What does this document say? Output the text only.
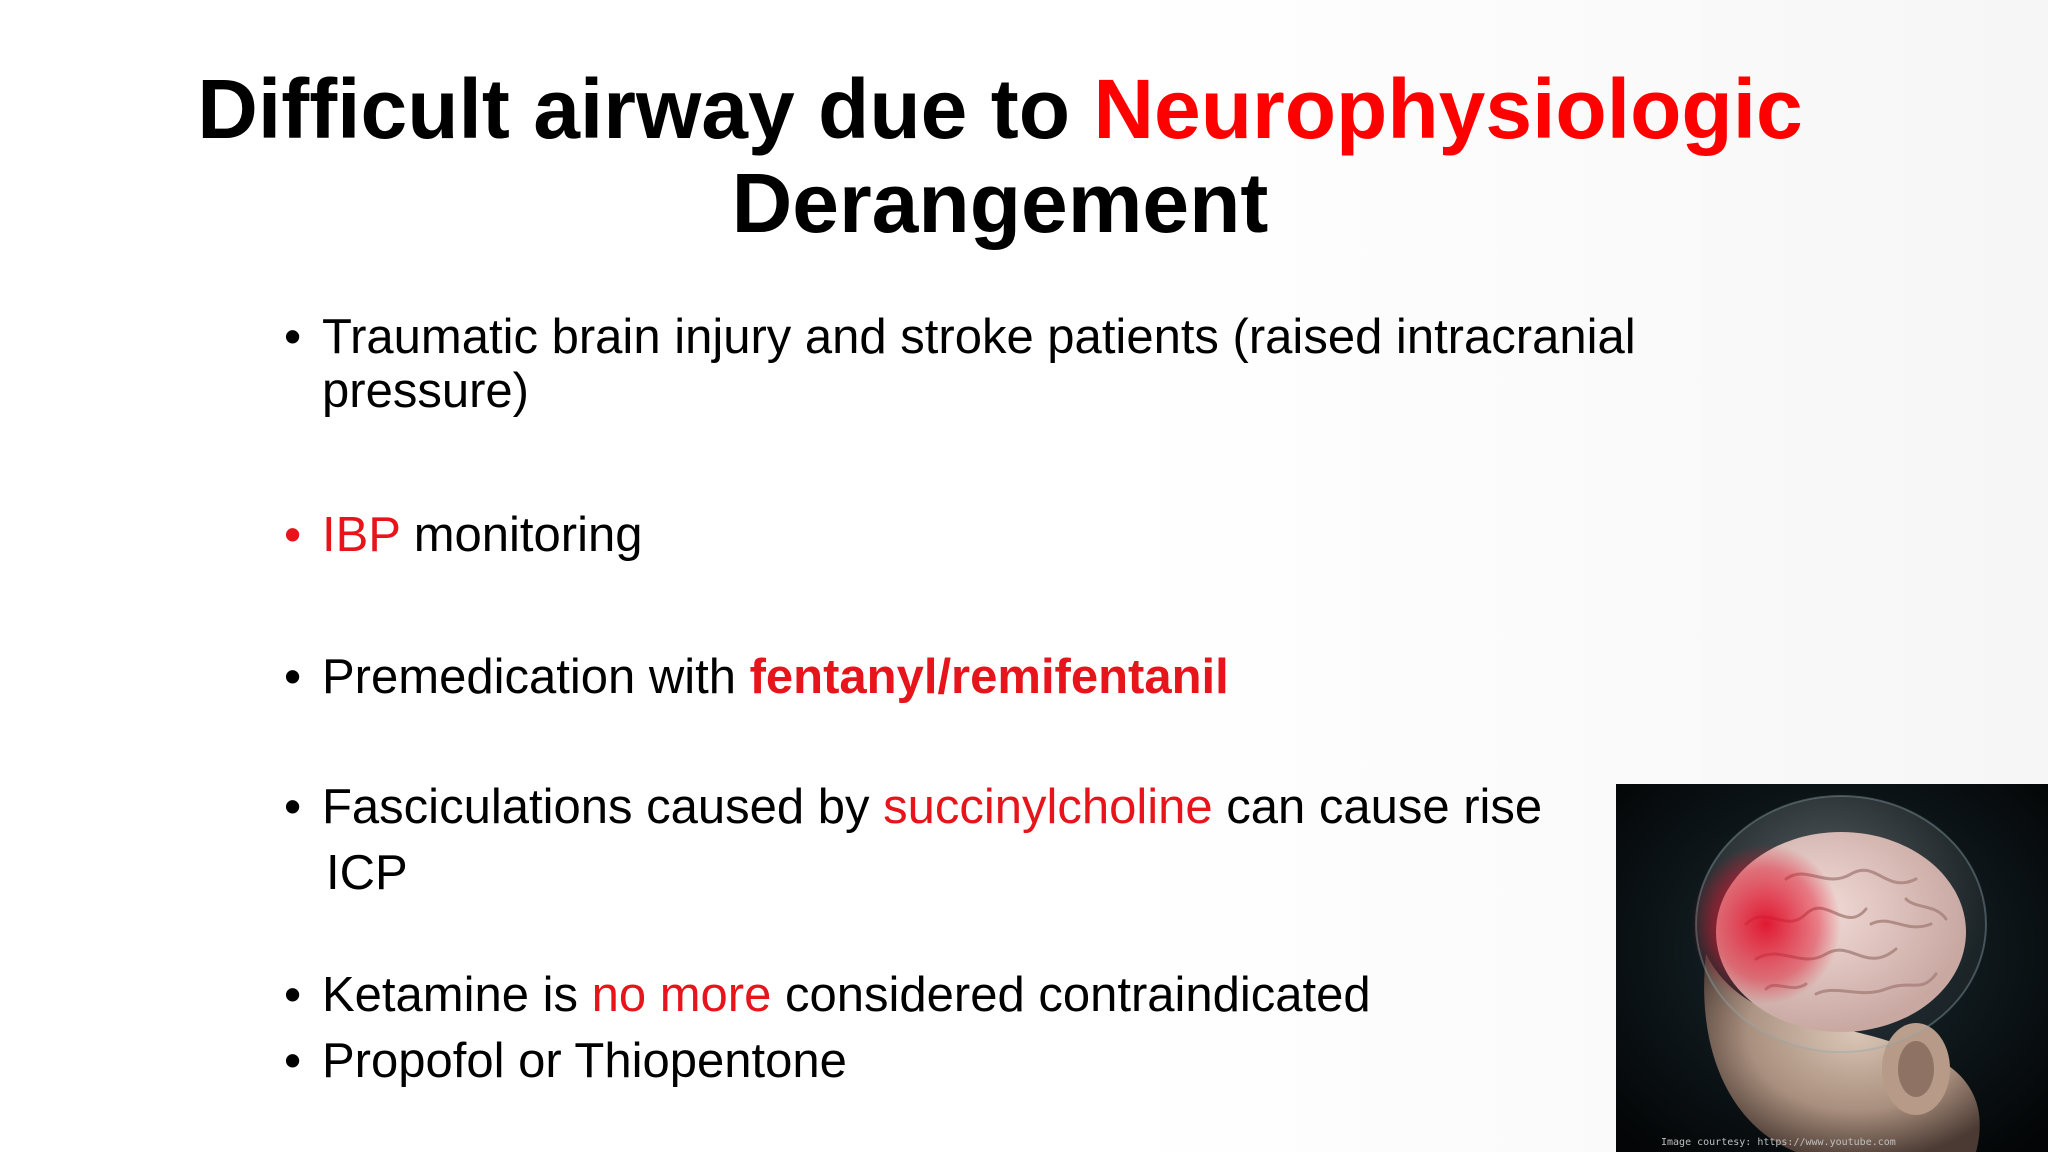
Difficult airway due to Neurophysiologic
Derangement
• Traumatic brain injury and stroke patients (raised intracranial pressure)
• IBP monitoring
• Premedication with fentanyl/remifentanil
• Fasciculations caused by succinylcholine can cause rise
ICP
• Ketamine is no more considered contraindicated
• Propofol or Thiopentone
Image courtesy: https://www.youtube.com
